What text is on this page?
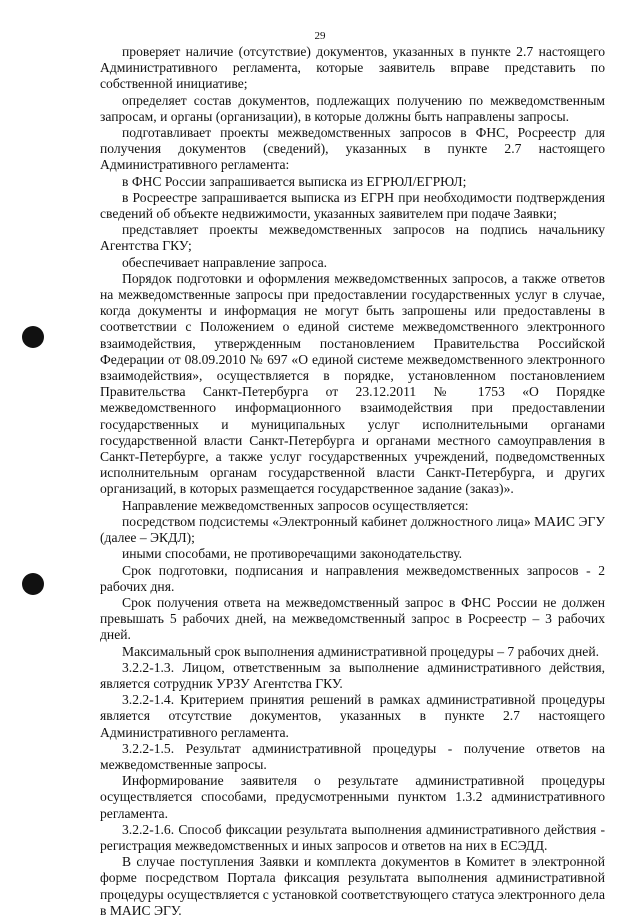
29

проверяет наличие (отсутствие) документов, указанных в пункте 2.7 настоящего Административного регламента, которые заявитель вправе представить по собственной инициативе;

определяет состав документов, подлежащих получению по межведомственным запросам, и органы (организации), в которые должны быть направлены запросы.

подготавливает проекты межведомственных запросов в ФНС, Росреестр для получения документов (сведений), указанных в пункте 2.7 настоящего Административного регламента:

в ФНС России запрашивается выписка из ЕГРЮЛ/ЕГРЮЛ;

в Росреестре запрашивается выписка из ЕГРН при необходимости подтверждения сведений об объекте недвижимости, указанных заявителем при подаче Заявки;

представляет проекты межведомственных запросов на подпись начальнику Агентства ГКУ;

обеспечивает направление запроса.

Порядок подготовки и оформления межведомственных запросов, а также ответов на межведомственные запросы при предоставлении государственных услуг в случае, когда документы и информация не могут быть запрошены или предоставлены в соответствии с Положением о единой системе межведомственного электронного взаимодействия, утвержденным постановлением Правительства Российской Федерации от 08.09.2010 № 697 «О единой системе межведомственного электронного взаимодействия», осуществляется в порядке, установленном постановлением Правительства Санкт-Петербурга от 23.12.2011 № 1753 «О Порядке межведомственного информационного взаимодействия при предоставлении государственных и муниципальных услуг исполнительными органами государственной власти Санкт-Петербурга и органами местного самоуправления в Санкт-Петербурге, а также услуг государственных учреждений, подведомственных исполнительным органам государственной власти Санкт-Петербурга, и других организаций, в которых размещается государственное задание (заказ)».

Направление межведомственных запросов осуществляется:

посредством подсистемы «Электронный кабинет должностного лица» МАИС ЭГУ (далее – ЭКДЛ);

иными способами, не противоречащими законодательству.

Срок подготовки, подписания и направления межведомственных запросов - 2 рабочих дня.

Срок получения ответа на межведомственный запрос в ФНС России не должен превышать 5 рабочих дней, на межведомственный запрос в Росреестр – 3 рабочих дней.

Максимальный срок выполнения административной процедуры – 7 рабочих дней.

3.2.2-1.3. Лицом, ответственным за выполнение административного действия, является сотрудник УРЗУ Агентства ГКУ.

3.2.2-1.4. Критерием принятия решений в рамках административной процедуры является отсутствие документов, указанных в пункте 2.7 настоящего Административного регламента.

3.2.2-1.5. Результат административной процедуры - получение ответов на межведомственные запросы.

Информирование заявителя о результате административной процедуры осуществляется способами, предусмотренными пунктом 1.3.2 административного регламента.

3.2.2-1.6. Способ фиксации результата выполнения административного действия - регистрация межведомственных и иных запросов и ответов на них в ЕСЭДД.

В случае поступления Заявки и комплекта документов в Комитет в электронной форме посредством Портала фиксация результата выполнения административной процедуры осуществляется с установкой соответствующего статуса электронного дела в МАИС ЭГУ.
